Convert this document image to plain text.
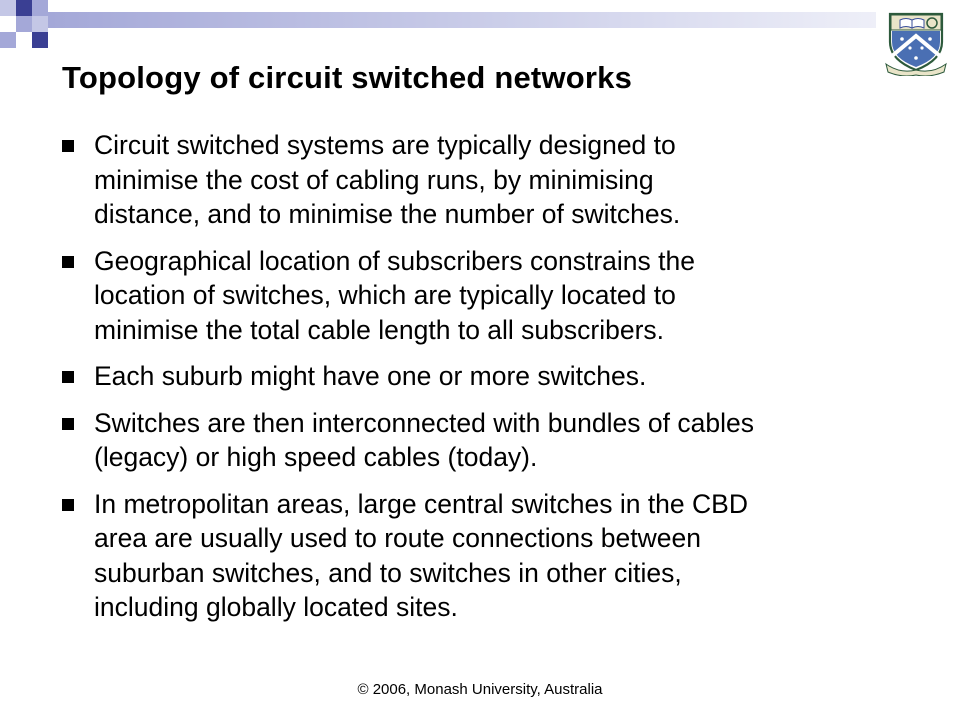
Topology of circuit switched networks
Circuit switched systems are typically designed to
minimise the cost of cabling runs, by minimising
distance, and to minimise the number of switches.
Geographical location of subscribers constrains the
location of switches, which are typically located to
minimise the total cable length to all subscribers.
Each suburb might have one or more switches.
Switches are then interconnected with bundles of cables
(legacy) or high speed cables (today).
In metropolitan areas, large central switches in the CBD
area are usually used to route connections between
suburban switches, and to switches in other cities,
including globally located sites.
© 2006, Monash University, Australia
